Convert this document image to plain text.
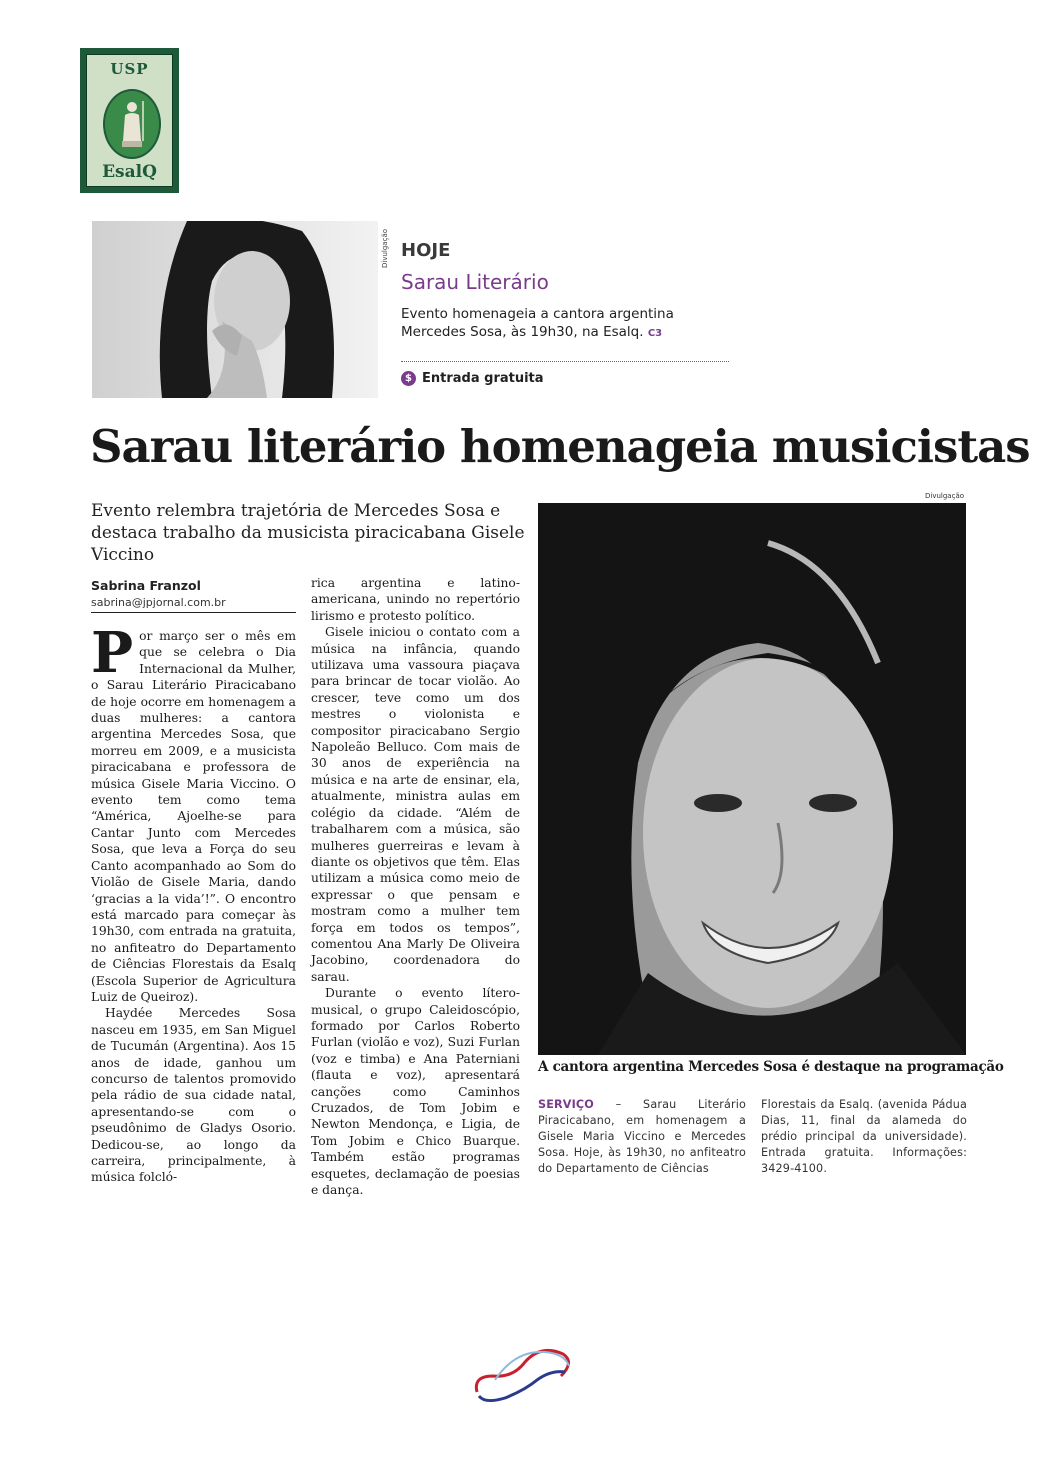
USP
EsalQ
Divulgação HOJE
Sarau Literário
Evento homenageia a cantora argentina Mercedes Sosa, às 19h30, na Esalq. C3
$ Entrada gratuita
Sarau literário homenageia musicistas
Evento relembra trajetória de Mercedes Sosa e destaca trabalho da musicista piracicabana Gisele Viccino
Sabrina Franzol
sabrina@jpjornal.com.br

Por março ser o mês em que se celebra o Dia Internacional da Mulher, o Sarau Literário Piracicabano de hoje ocorre em homenagem a duas mulheres: a cantora argentina Mercedes Sosa, que morreu em 2009, e a musicista piracicabana e professora de música Gisele Maria Viccino. O evento tem como tema “América, Ajoelhe-se para Cantar Junto com Mercedes Sosa, que leva a Força do seu Canto acompanhado ao Som do Violão de Gisele Maria, dando ‘gracias a la vida’!”. O encontro está marcado para começar às 19h30, com entrada na gratuita, no anfiteatro do Departamento de Ciências Florestais da Esalq (Escola Superior de Agricultura Luiz de Queiroz).

Haydée Mercedes Sosa nasceu em 1935, em San Miguel de Tucumán (Argentina). Aos 15 anos de idade, ganhou um concurso de talentos promovido pela rádio de sua cidade natal, apresentando-se com o pseudônimo de Gladys Osorio. Dedicou-se, ao longo da carreira, principalmente, à música folcló-

rica argentina e latino-americana, unindo no repertório lirismo e protesto político.

Gisele iniciou o contato com a música na infância, quando utilizava uma vassoura piaçava para brincar de tocar violão. Ao crescer, teve como um dos mestres o violonista e compositor piracicabano Sergio Napoleão Belluco. Com mais de 30 anos de experiência na música e na arte de ensinar, ela, atualmente, ministra aulas em colégio da cidade. “Além de trabalharem com a música, são mulheres guerreiras e levam à diante os objetivos que têm. Elas utilizam a música como meio de expressar o que pensam e mostram como a mulher tem força em todos os tempos”, comentou Ana Marly De Oliveira Jacobino, coordenadora do sarau.

Durante o evento lítero-musical, o grupo Caleidoscópio, formado por Carlos Roberto Furlan (violão e voz), Suzi Furlan (voz e timba) e Ana Paterniani (flauta e voz), apresentará canções como Caminhos Cruzados, de Tom Jobim e Newton Mendonça, e Ligia, de Tom Jobim e Chico Buarque. Também estão programas esquetes, declamação de poesias e dança.

Divulgação
A cantora argentina Mercedes Sosa é destaque na programação
SERVIÇO – Sarau Literário Piracicabano, em homenagem a Gisele Maria Viccino e Mercedes Sosa. Hoje, às 19h30, no anfiteatro do Departamento de Ciências
Florestais da Esalq. (avenida Pádua Dias, 11, final da alameda do prédio principal da universidade). Entrada gratuita. Informações: 3429-4100.
